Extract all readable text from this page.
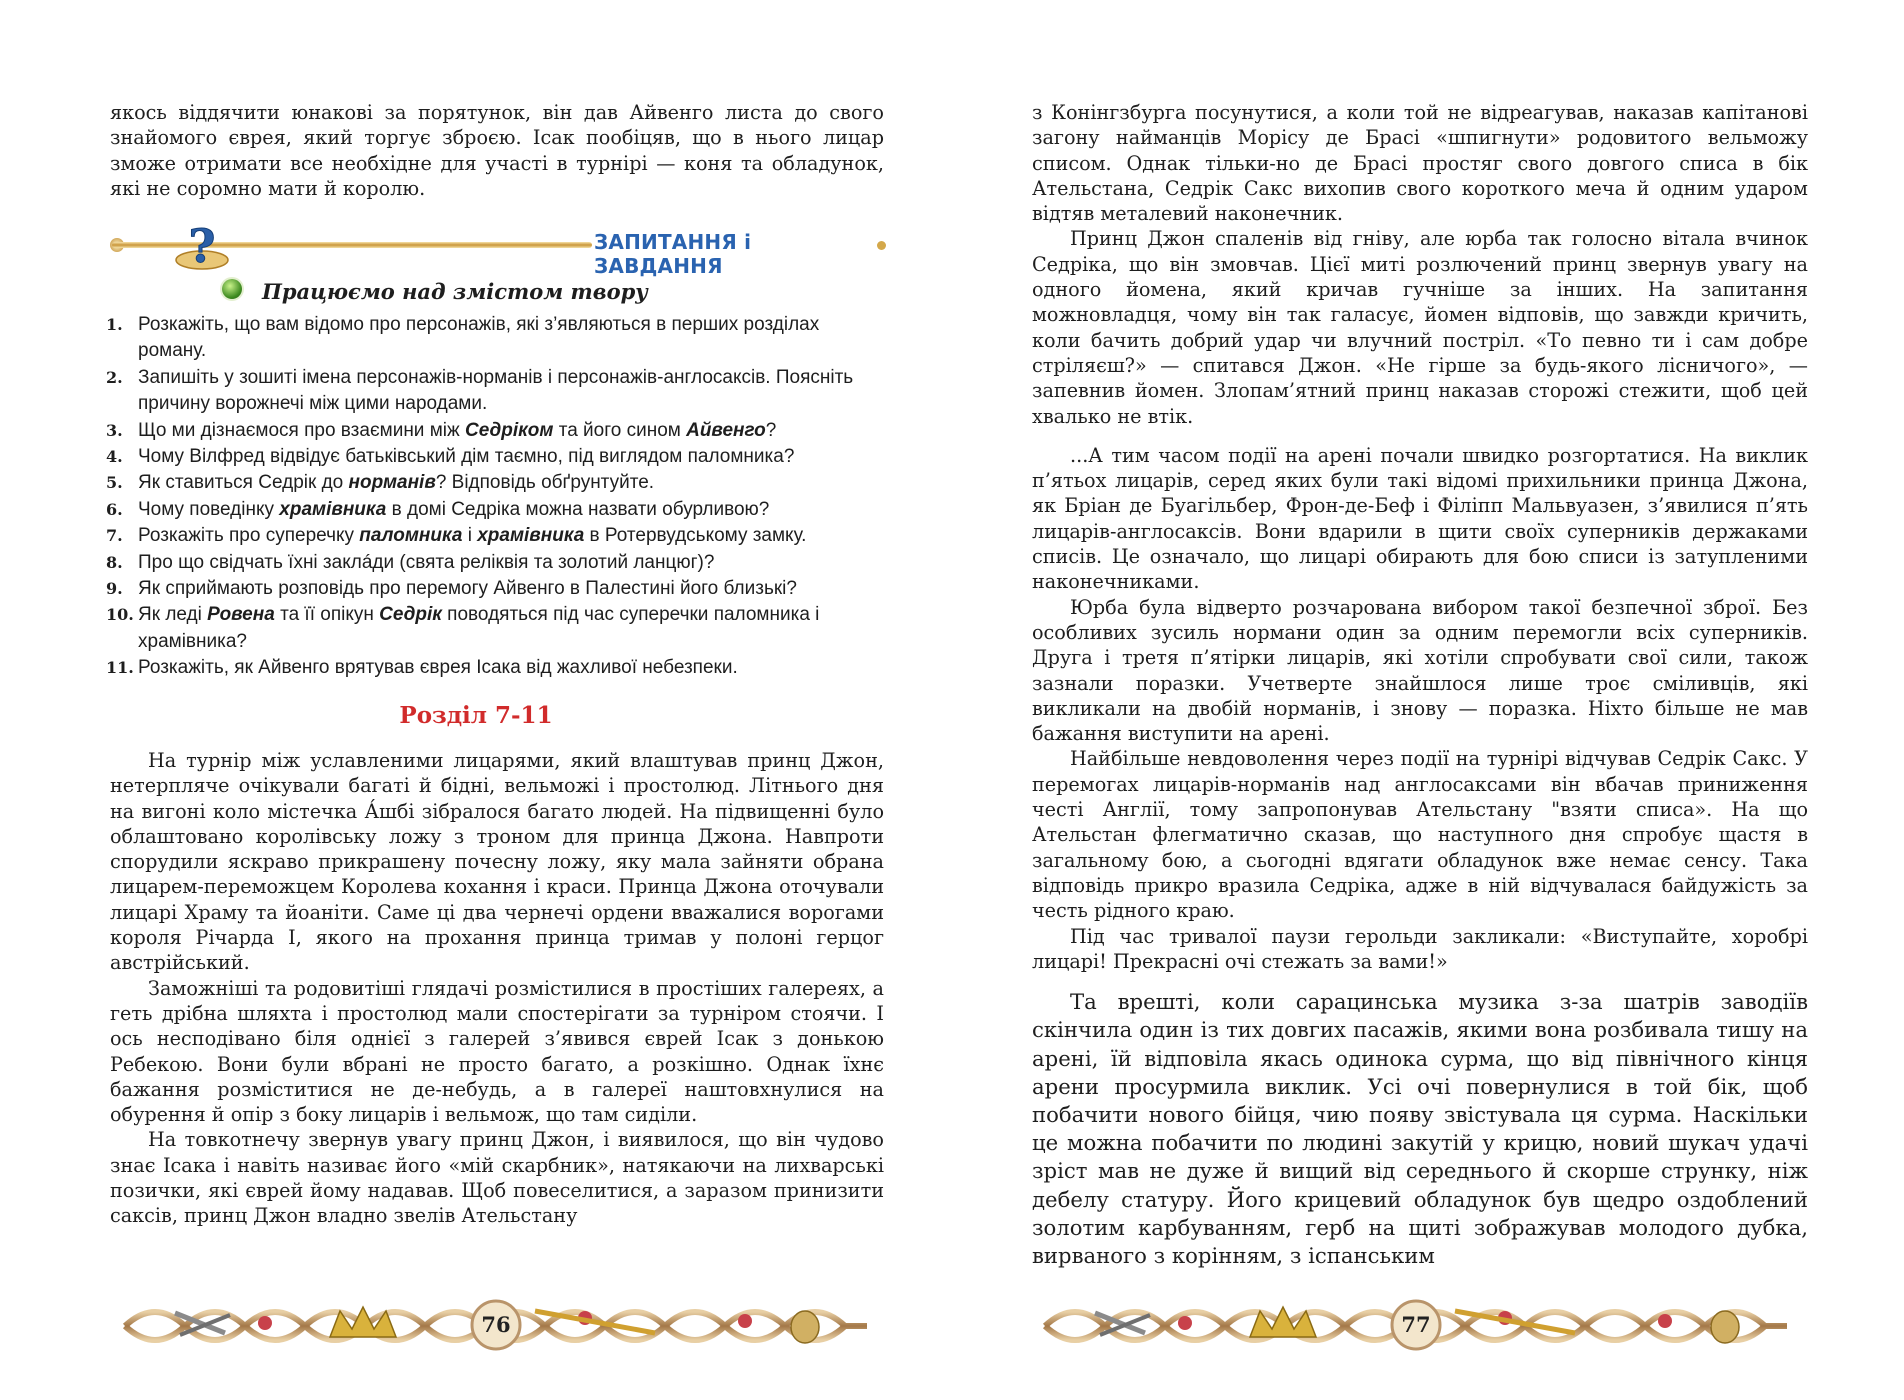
якось віддячити юнакові за порятунок, він дав Айвенго листа до свого знайомого єврея, який торгує зброєю. Ісак пообіцяв, що в нього лицар зможе отримати все необхідне для участі в турнірі — коня та обладунок, які не соромно мати й королю.

?	ЗАПИТАННЯ і ЗАВДАННЯ
Працюємо над змістом твору
1. Розкажіть, що вам відомо про персонажів, які з’являються в перших розділах роману.
2. Запишіть у зошиті імена персонажів-норманів і персонажів-англосаксів. Поясніть причину ворожнечі між цими народами.
3. Що ми дізнаємося про взаємини між Седріком та його сином Айвенго?
4. Чому Вілфред відвідує батьківський дім таємно, під виглядом паломника?
5. Як ставиться Седрік до норманів? Відповідь обґрунтуйте.
6. Чому поведінку храмівника в домі Седріка можна назвати обурливою?
7. Розкажіть про суперечку паломника і храмівника в Ротервудському замку.
8. Про що свідчать їхні заклáди (свята реліквія та золотий ланцюг)?
9. Як сприймають розповідь про перемогу Айвенго в Палестині його близькі?
10. Як леді Ровена та її опікун Седрік поводяться під час суперечки паломника і храмівника?
11. Розкажіть, як Айвенго врятував єврея Ісака від жахливої небезпеки.
Розділ 7-11

На турнір між уславленими лицарями, який влаштував принц Джон, нетерпляче очікували багаті й бідні, вельможі і простолюд. Літнього дня на вигоні коло містечка А́шбі зібралося багато людей. На підвищенні було облаштовано королівську ложу з троном для принца Джона. Навпроти спорудили яскраво прикрашену почесну ложу, яку мала зайняти обрана лицарем-переможцем Королева кохання і краси. Принца Джона оточували лицарі Храму та йоаніти. Саме ці два чернечі ордени вважалися ворогами короля Річарда I, якого на прохання принца тримав у полоні герцог австрійський.

Заможніші та родовитіші глядачі розмістилися в простіших галереях, а геть дрібна шляхта і простолюд мали спостерігати за турніром стоячи. І ось несподівано біля однієї з галерей з’явився єврей Ісак з донькою Ребекою. Вони були вбрані не просто багато, а розкішно. Однак їхнє бажання розміститися не де-небудь, а в галереї наштовхнулися на обурення й опір з боку лицарів і вельмож, що там сиділи.

На товкотнечу звернув увагу принц Джон, і виявилося, що він чудово знає Ісака і навіть називає його «мій скарбник», натякаючи на лихварські позички, які єврей йому надавав. Щоб повеселитися, а заразом принизити саксів, принц Джон владно звелів Ательстану

76

з Конінгзбурга посунутися, а коли той не відреагував, наказав капітанові загону найманців Морісу де Брасі «шпигнути» родовитого вельможу списом. Однак тільки-но де Брасі простяг свого довгого списа в бік Ательстана, Седрік Сакс вихопив свого короткого меча й одним ударом відтяв металевий наконечник.

Принц Джон спаленів від гніву, але юрба так голосно вітала вчинок Седріка, що він змовчав. Цієї миті розлючений принц звернув увагу на одного йомена, який кричав гучніше за інших. На запитання можновладця, чому він так галасує, йомен відповів, що завжди кричить, коли бачить добрий удар чи влучний постріл. «То певно ти і сам добре стріляєш?» — спитався Джон. «Не гірше за будь-якого лісничого», — запевнив йомен. Злопам’ятний принц наказав сторожі стежити, щоб цей хвалько не втік.

...А тим часом події на арені почали швидко розгортатися. На виклик п’ятьох лицарів, серед яких були такі відомі прихильники принца Джона, як Бріан де Буагільбер, Фрон-де-Беф і Філіпп Мальвуазен, з’явилися п’ять лицарів-англосаксів. Вони вдарили в щити своїх суперників держаками списів. Це означало, що лицарі обирають для бою списи із затупленими наконечниками.

Юрба була відверто розчарована вибором такої безпечної зброї. Без особливих зусиль нормани один за одним перемогли всіх суперників. Друга і третя п’ятірки лицарів, які хотіли спробувати свої сили, також зазнали поразки. Учетверте знайшлося лише троє сміливців, які викликали на двобій норманів, і знову — поразка. Ніхто більше не мав бажання виступити на арені.

Найбільше невдоволення через події на турнірі відчував Седрік Сакс. У перемогах лицарів-норманів над англосаксами він вбачав приниження честі Англії, тому запропонував Ательстану "взяти списа». На що Ательстан флегматично сказав, що наступного дня спробує щастя в загальному бою, а сьогодні вдягати обладунок вже немає сенсу. Така відповідь прикро вразила Седріка, адже в ній відчувалася байдужість за честь рідного краю.

Під час тривалої паузи герольди закликали: «Виступайте, хоробрі лицарі! Прекрасні очі стежать за вами!»

Та врешті, коли сарацинська музика з-за шатрів заводіїв скінчила один із тих довгих пасажів, якими вона розбивала тишу на арені, їй відповіла якась одинока сурма, що від північного кінця арени просурмила виклик. Усі очі повернулися в той бік, щоб побачити нового бійця, чию появу звістувала ця сурма. Наскільки це можна побачити по людині закутій у крицю, новий шукач удачі зріст мав не дуже й вищий від середнього й скорше струнку, ніж дебелу статуру. Його крицевий обладунок був щедро оздоблений золотим карбуванням, герб на щиті зображував молодого дубка, вирваного з корінням, з іспанським

77
